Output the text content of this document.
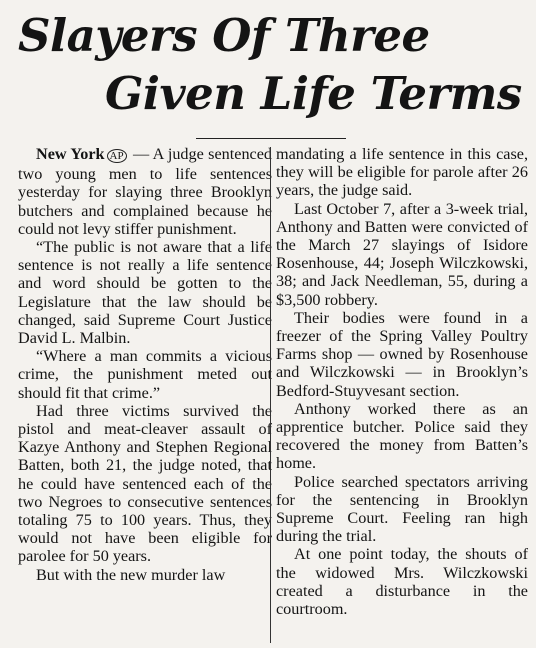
Slayers Of Three
Given Life Terms

New York AP — A judge sentenced two young men to life sentences yesterday for slaying three Brooklyn butchers and complained because he could not levy stiffer punishment.

“The public is not aware that a life sentence is not really a life sentence and word should be gotten to the Legislature that the law should be changed, said Supreme Court Justice David L. Malbin.

“Where a man commits a vicious crime, the punishment meted out should fit that crime.”

Had three victims survived the pistol and meat-cleaver assault of Kazye Anthony and Stephen Regional Batten, both 21, the judge noted, that he could have sentenced each of the two Negroes to consecutive sentences totaling 75 to 100 years. Thus, they would not have been eligible for parolee for 50 years.

But with the new murder law

mandating a life sentence in this case, they will be eligible for parole after 26 years, the judge said.

Last October 7, after a 3-week trial, Anthony and Batten were convicted of the March 27 slayings of Isidore Rosenhouse, 44; Joseph Wilczkowski, 38; and Jack Needleman, 55, during a $3,500 robbery.

Their bodies were found in a freezer of the Spring Valley Poultry Farms shop — owned by Rosenhouse and Wilczkowski — in Brooklyn’s Bedford-Stuyvesant section.

Anthony worked there as an apprentice butcher. Police said they recovered the money from Batten’s home.

Police searched spectators arriving for the sentencing in Brooklyn Supreme Court. Feeling ran high during the trial.

At one point today, the shouts of the widowed Mrs. Wilczkowski created a disturbance in the courtroom.
